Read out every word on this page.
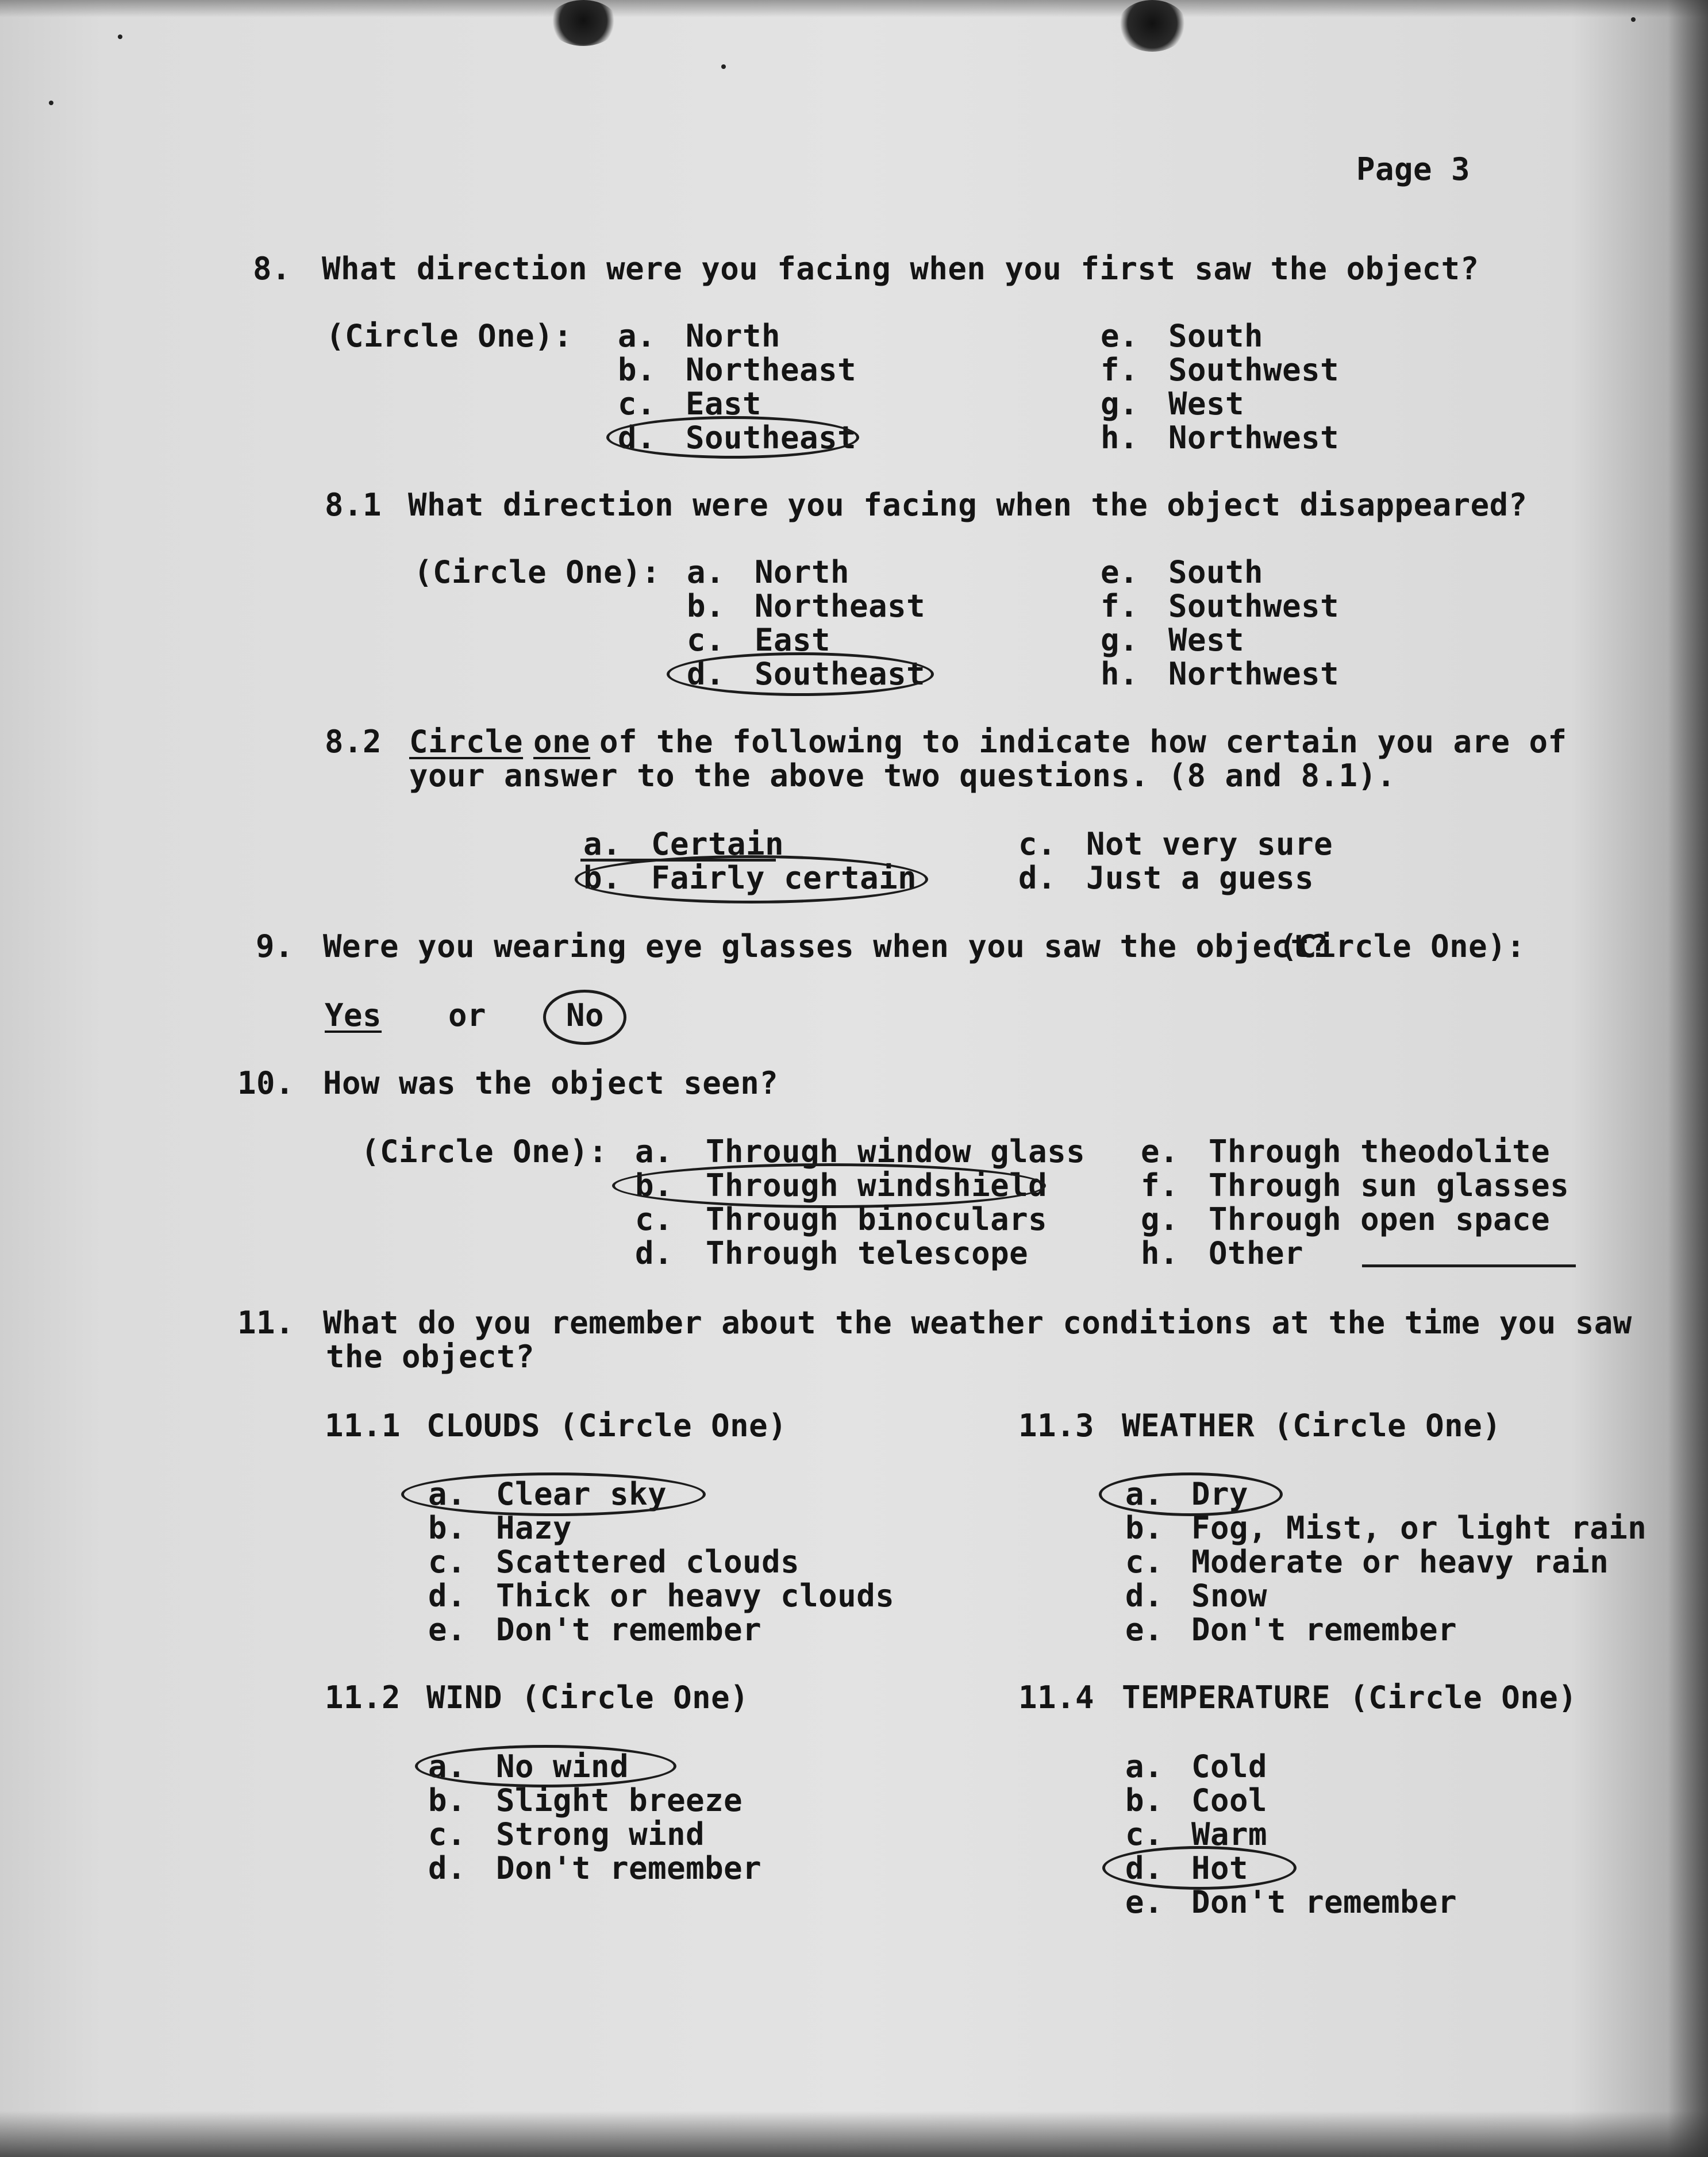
Page 3
8. What direction were you facing when you first saw the object?
(Circle One): a. North
b. Northeast
c. East
d. Southeast
e. South
f. Southwest
g. West
h. Northwest
8.1 What direction were you facing when the object disappeared?
(Circle One): a. North
b. Northeast
c. East
d. Southeast
e. South
f. Southwest
g. West
h. Northwest
8.2 Circle one of the following to indicate how certain you are of
your answer to the above two questions. (8 and 8.1).
a. Certain
b. Fairly certain
c. Not very sure
d. Just a guess
9. Were you wearing eye glasses when you saw the object?
(Circle One):
Yes or	No
10. How was the object seen?
(Circle One): a. Through window glass
b. Through windshield
c. Through binoculars
d. Through telescope
e. Through theodolite
f. Through sun glasses
g. Through open space
h. Other
11. What do you remember about the weather conditions at the time you saw
the object?
11.1 CLOUDS (Circle One)
a. Clear sky
b. Hazy
c. Scattered clouds
d. Thick or heavy clouds
e. Don't remember
11.2 WIND (Circle One)
a. No wind
b. Slight breeze
c. Strong wind
d. Don't remember
11.3 WEATHER (Circle One)
a. Dry
b. Fog, Mist, or light rain
c. Moderate or heavy rain
d. Snow
e. Don't remember
11.4 TEMPERATURE (Circle One)
a. Cold
b. Cool
c. Warm
d. Hot
e. Don't remember
